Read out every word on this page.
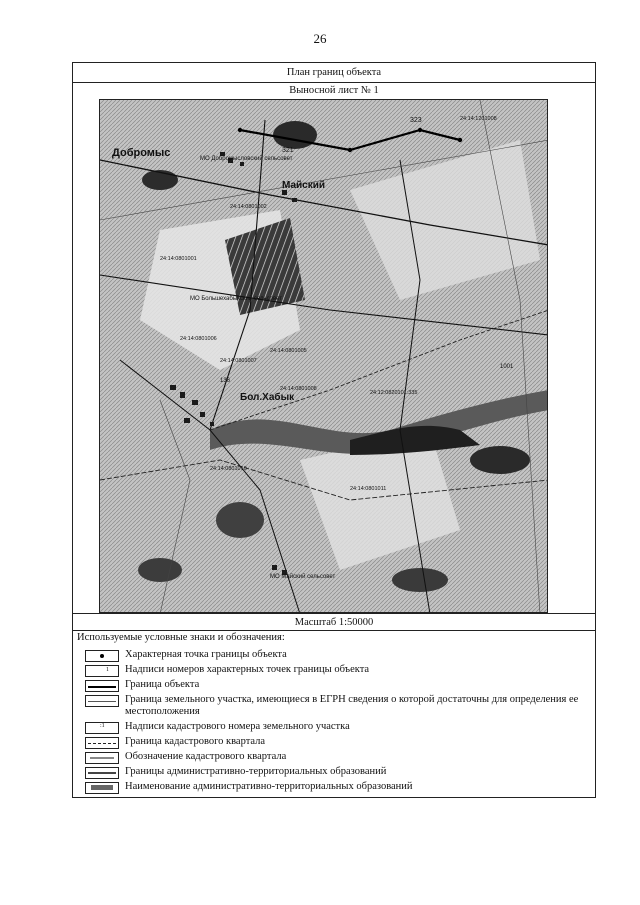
26
План границ объекта
Выносной лист № 1
Добромыс
Майский
Бол.Хабык
МО Добромысловский сельсовет
МО Большехабыкский сельсовет
МО Майский сельсовет
24:14:0801001
24:14:0801002
24:14:0801005
24:14:0801006
24:14:0801007
24:14:0801008
24:14:0801010
24:14:0801011
24:12:0820101:335
24:14:1201008
323
321
136
1001
Масштаб 1:50000
Используемые условные знаки и обозначения:
Характерная точка границы объекта
1 Надписи номеров характерных точек границы объекта
Граница объекта
Граница земельного участка, имеющиеся в ЕГРН сведения о которой достаточны для определения ее местоположения
:1 Надписи кадастрового номера земельного участка
Граница кадастрового квартала
Обозначение кадастрового квартала
Границы административно-территориальных образований
Наименование административно-территориальных образований
